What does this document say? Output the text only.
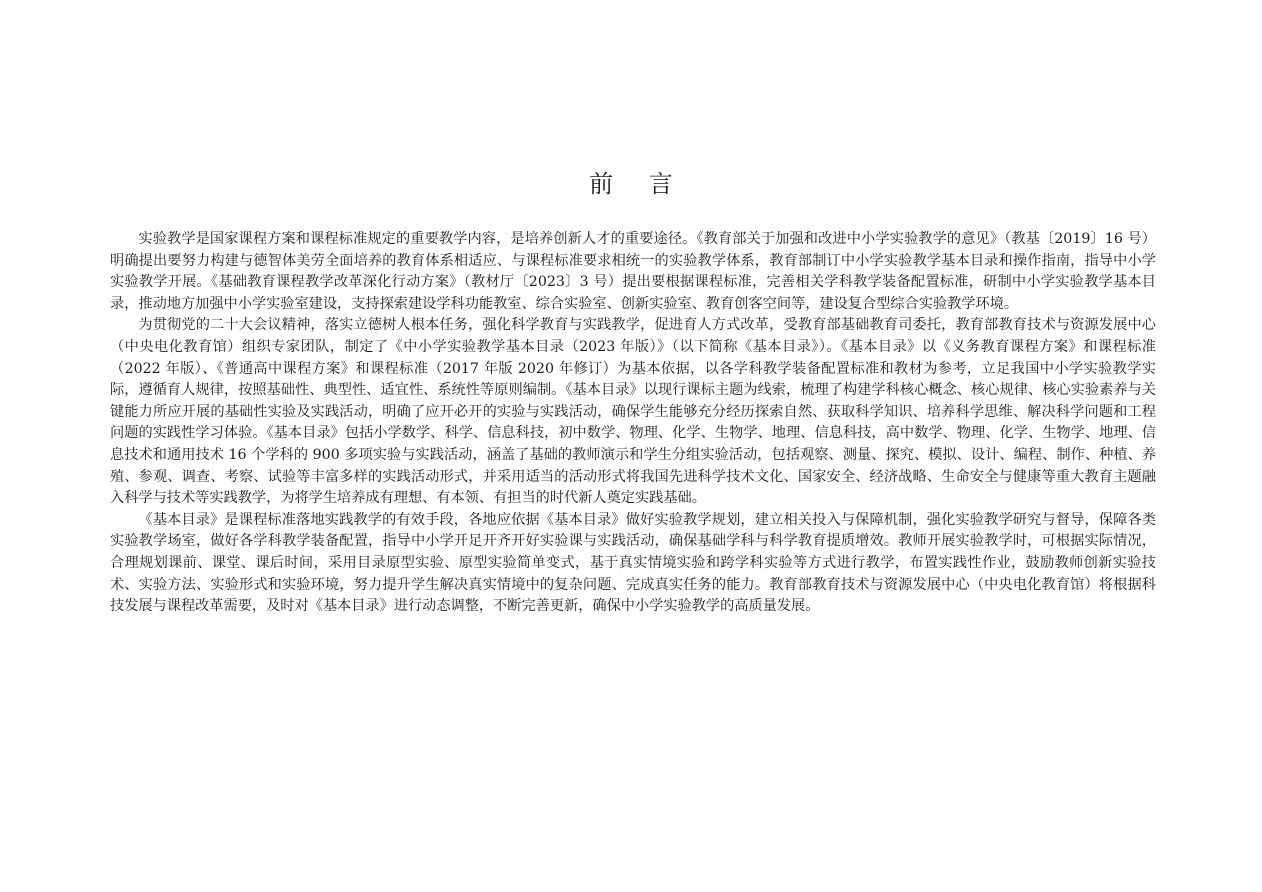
前 言

实验教学是国家课程方案和课程标准规定的重要教学内容，是培养创新人才的重要途径。《教育部关于加强和改进中小学实验教学的意见》（教基〔2019〕16 号）明确提出要努力构建与德智体美劳全面培养的教育体系相适应、与课程标准要求相统一的实验教学体系，教育部制订中小学实验教学基本目录和操作指南，指导中小学实验教学开展。《基础教育课程教学改革深化行动方案》（教材厅〔2023〕3 号）提出要根据课程标准，完善相关学科教学装备配置标准，研制中小学实验教学基本目录，推动地方加强中小学实验室建设，支持探索建设学科功能教室、综合实验室、创新实验室、教育创客空间等，建设复合型综合实验教学环境。

为贯彻党的二十大会议精神，落实立德树人根本任务，强化科学教育与实践教学，促进育人方式改革，受教育部基础教育司委托，教育部教育技术与资源发展中心（中央电化教育馆）组织专家团队，制定了《中小学实验教学基本目录（2023 年版）》（以下简称《基本目录》）。《基本目录》以《义务教育课程方案》和课程标准（2022 年版）、《普通高中课程方案》和课程标准（2017 年版 2020 年修订）为基本依据，以各学科教学装备配置标准和教材为参考，立足我国中小学实验教学实际，遵循育人规律，按照基础性、典型性、适宜性、系统性等原则编制。《基本目录》以现行课标主题为线索，梳理了构建学科核心概念、核心规律、核心实验素养与关键能力所应开展的基础性实验及实践活动，明确了应开必开的实验与实践活动，确保学生能够充分经历探索自然、获取科学知识、培养科学思维、解决科学问题和工程问题的实践性学习体验。《基本目录》包括小学数学、科学、信息科技，初中数学、物理、化学、生物学、地理、信息科技，高中数学、物理、化学、生物学、地理、信息技术和通用技术 16 个学科的 900 多项实验与实践活动，涵盖了基础的教师演示和学生分组实验活动，包括观察、测量、探究、模拟、设计、编程、制作、种植、养殖、参观、调查、考察、试验等丰富多样的实践活动形式，并采用适当的活动形式将我国先进科学技术文化、国家安全、经济战略、生命安全与健康等重大教育主题融入科学与技术等实践教学，为将学生培养成有理想、有本领、有担当的时代新人奠定实践基础。

《基本目录》是课程标准落地实践教学的有效手段，各地应依据《基本目录》做好实验教学规划，建立相关投入与保障机制，强化实验教学研究与督导，保障各类实验教学场室，做好各学科教学装备配置，指导中小学开足开齐开好实验课与实践活动，确保基础学科与科学教育提质增效。教师开展实验教学时，可根据实际情况，合理规划课前、课堂、课后时间，采用目录原型实验、原型实验简单变式，基于真实情境实验和跨学科实验等方式进行教学，布置实践性作业，鼓励教师创新实验技术、实验方法、实验形式和实验环境，努力提升学生解决真实情境中的复杂问题、完成真实任务的能力。教育部教育技术与资源发展中心（中央电化教育馆）将根据科技发展与课程改革需要，及时对《基本目录》进行动态调整，不断完善更新，确保中小学实验教学的高质量发展。
